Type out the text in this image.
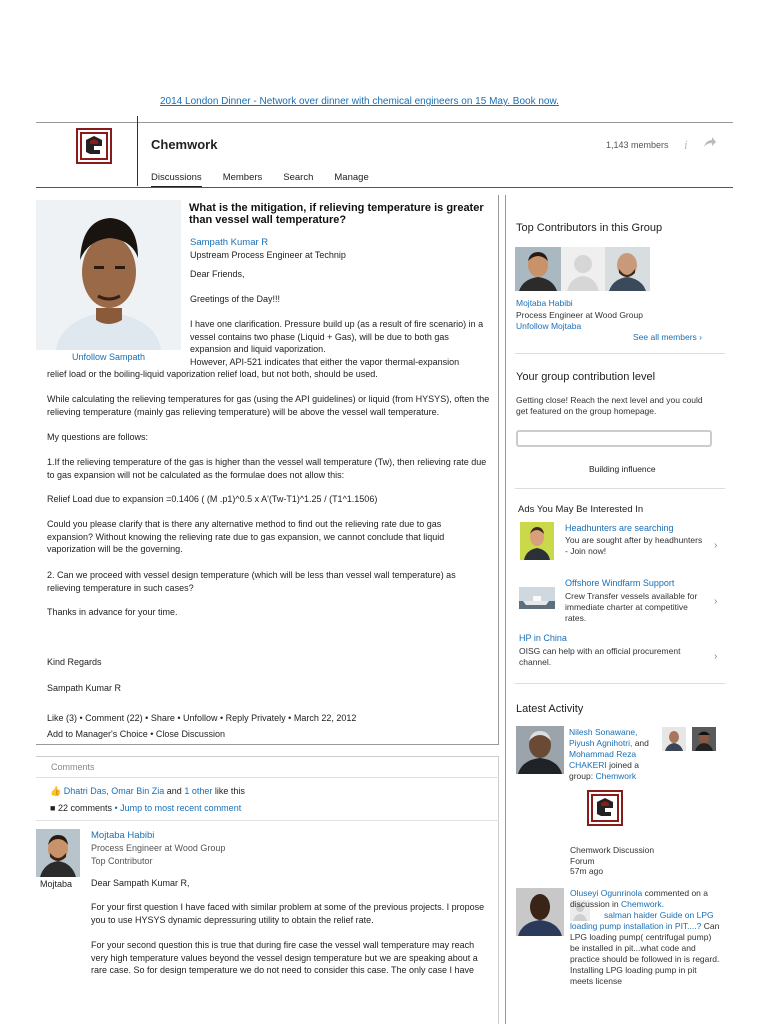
2014 London Dinner - Network over dinner with chemical engineers on 15 May. Book now.
Chemwork	1,143 members i
Discussions Members Search Manage
Unfollow Sampath
What is the mitigation, if relieving temperature is greater than vessel wall temperature?
Sampath Kumar R
Upstream Process Engineer at Technip
Dear Friends,
Greetings of the Day!!!
I have one clarification. Pressure build up (as a result of fire scenario) in a vessel contains two phase (Liquid + Gas), will be due to both gas expansion and liquid vaporization.
However, API-521 indicates that either the vapor thermal-expansion
relief load or the boiling-liquid vaporization relief load, but not both, should be used.
While calculating the relieving temperatures for gas (using the API guidelines) or liquid (from HYSYS), often the relieving temperature (mainly gas relieving temperature) will be above the vessel wall temperature.
My questions are follows:
1.If the relieving temperature of the gas is higher than the vessel wall temperature (Tw), then relieving rate due to gas expansion will not be calculated as the formulae does not allow this:
Relief Load due to expansion =0.1406 ( (M .p1)^0.5 x A'(Tw-T1)^1.25 / (T1^1.1506)
Could you please clarify that is there any alternative method to find out the relieving rate due to gas expansion? Without knowing the relieving rate due to gas expansion, we cannot conclude that liquid vaporization will be the governing.
2. Can we proceed with vessel design temperature (which will be less than vessel wall temperature) as relieving temperature in such cases?
Thanks in advance for your time.
Kind Regards
Sampath Kumar R
Like (3) • Comment (22) • Share • Unfollow • Reply Privately • March 22, 2012
Add to Manager's Choice • Close Discussion
Comments
👍 Dhatri Das, Omar Bin Zia and 1 other like this
■ 22 comments • Jump to most recent comment
Mojtaba
Mojtaba Habibi
Process Engineer at Wood Group
Top Contributor
Dear Sampath Kumar R,
For your first question I have faced with similar problem at some of the previous projects. I propose you to use HYSYS dynamic depressuring utility to obtain the relief rate.
For your second question this is true that during fire case the vessel wall temperature may reach very high temperature values beyond the vessel design temperature but we are speaking about a rare case. So for design temperature we do not need to consider this case. The only case I have
Top Contributors in this Group
Mojtaba Habibi
Process Engineer at Wood Group
Unfollow Mojtaba
See all members ›
Your group contribution level
Getting close! Reach the next level and you could get featured on the group homepage.
Building influence
Ads You May Be Interested In
Headhunters are searching
You are sought after by headhunters - Join now!	›
Offshore Windfarm Support
Crew Transfer vessels available for immediate charter at competitive rates.
›
HP in China
OISG can help with an official procurement channel.	›
Latest Activity
Nilesh Sonawane, Piyush Agnihotri, and Mohammad Reza CHAKERI joined a group: Chemwork
Chemwork Discussion Forum
57m ago
Oluseyi Ogunrinola commented on a discussion in Chemwork.
salman haider Guide on LPG loading pump installation in PIT....? Can LPG loading pump( centrifugal pump) be installed in pit...what code and practice should be followed in is regard. Installing LPG loading pump in pit meets license
